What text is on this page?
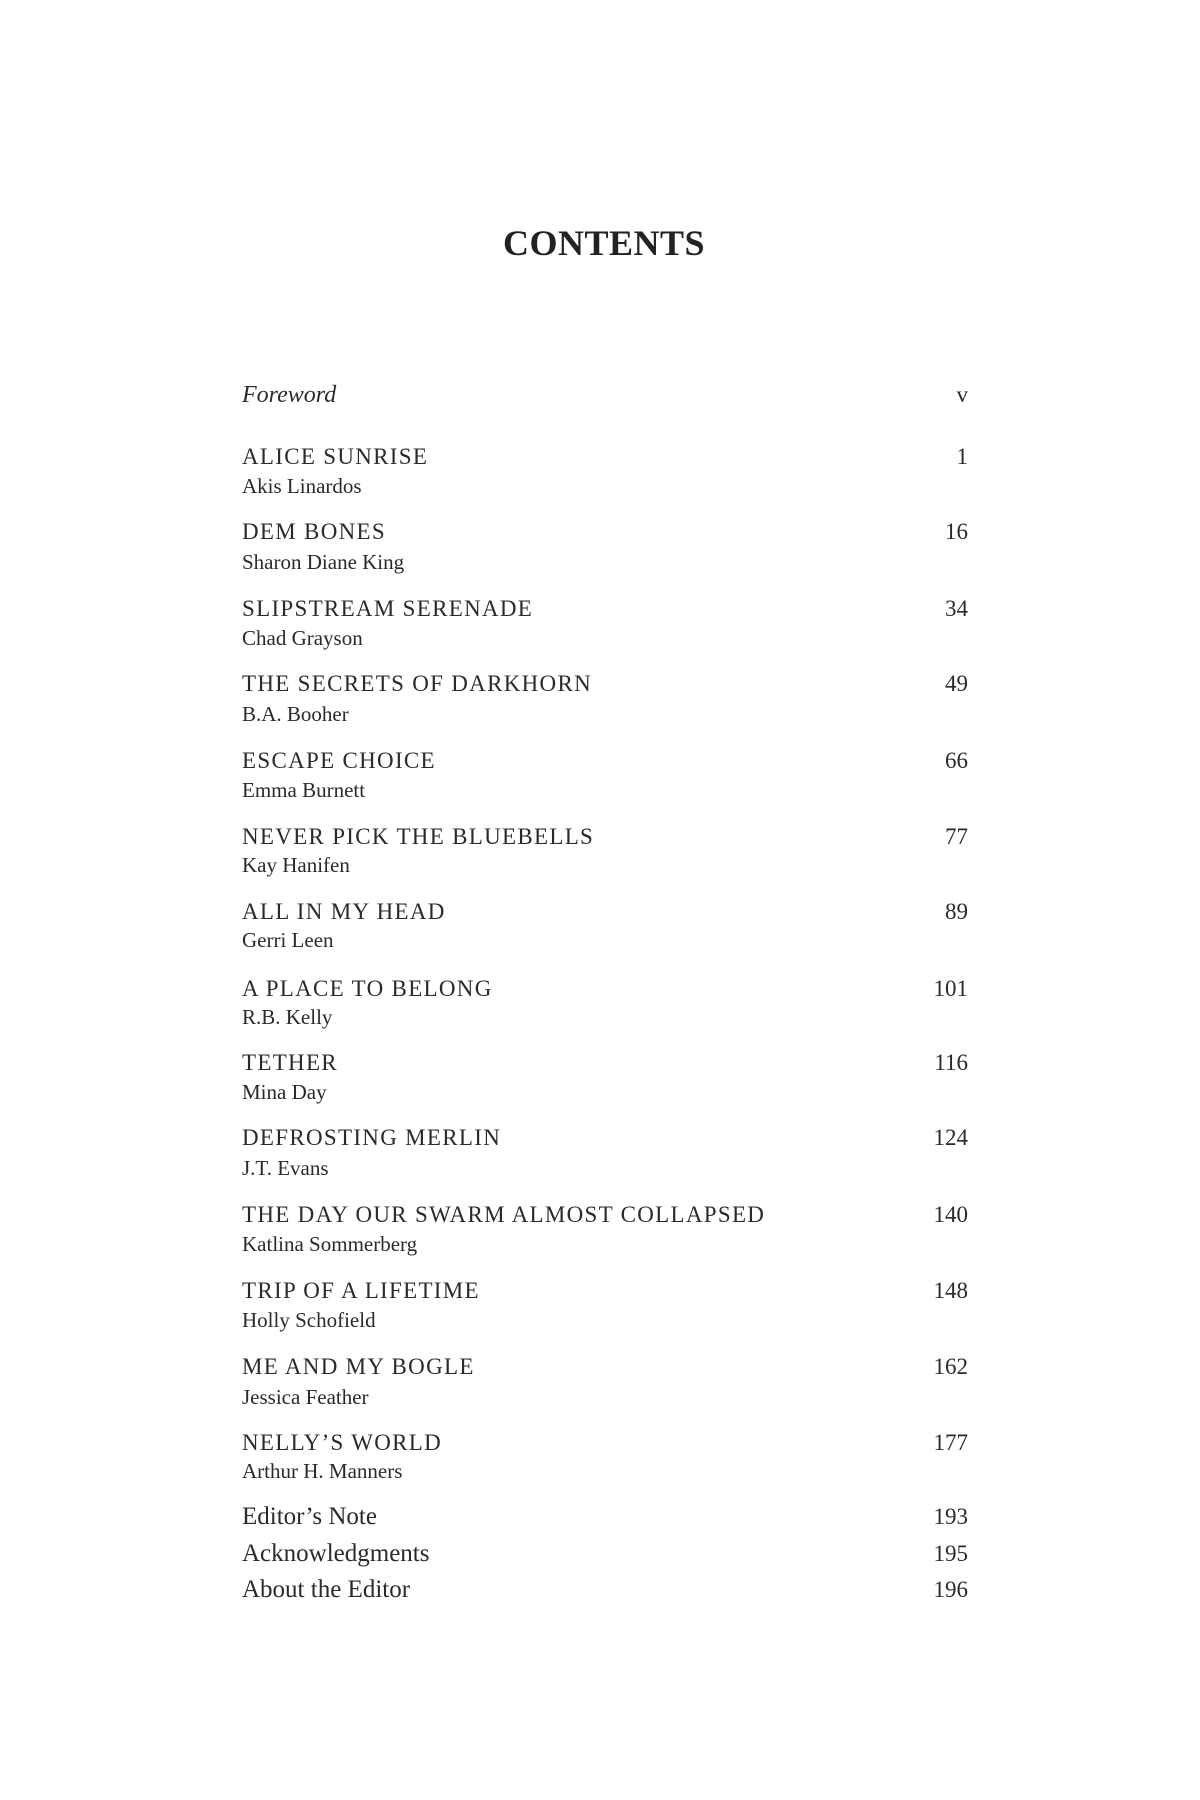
CONTENTS
Foreword	v
ALICE SUNRISE	1
Akis Linardos
DEM BONES	16
Sharon Diane King
SLIPSTREAM SERENADE	34
Chad Grayson
THE SECRETS OF DARKHORN	49
B.A. Booher
ESCAPE CHOICE	66
Emma Burnett
NEVER PICK THE BLUEBELLS	77
Kay Hanifen
ALL IN MY HEAD	89
Gerri Leen
A PLACE TO BELONG	101
R.B. Kelly
TETHER	116
Mina Day
DEFROSTING MERLIN	124
J.T. Evans
THE DAY OUR SWARM ALMOST COLLAPSED	140
Katlina Sommerberg
TRIP OF A LIFETIME	148
Holly Schofield
ME AND MY BOGLE	162
Jessica Feather
NELLY’S WORLD	177
Arthur H. Manners
Editor’s Note	193
Acknowledgments	195
About the Editor	196
